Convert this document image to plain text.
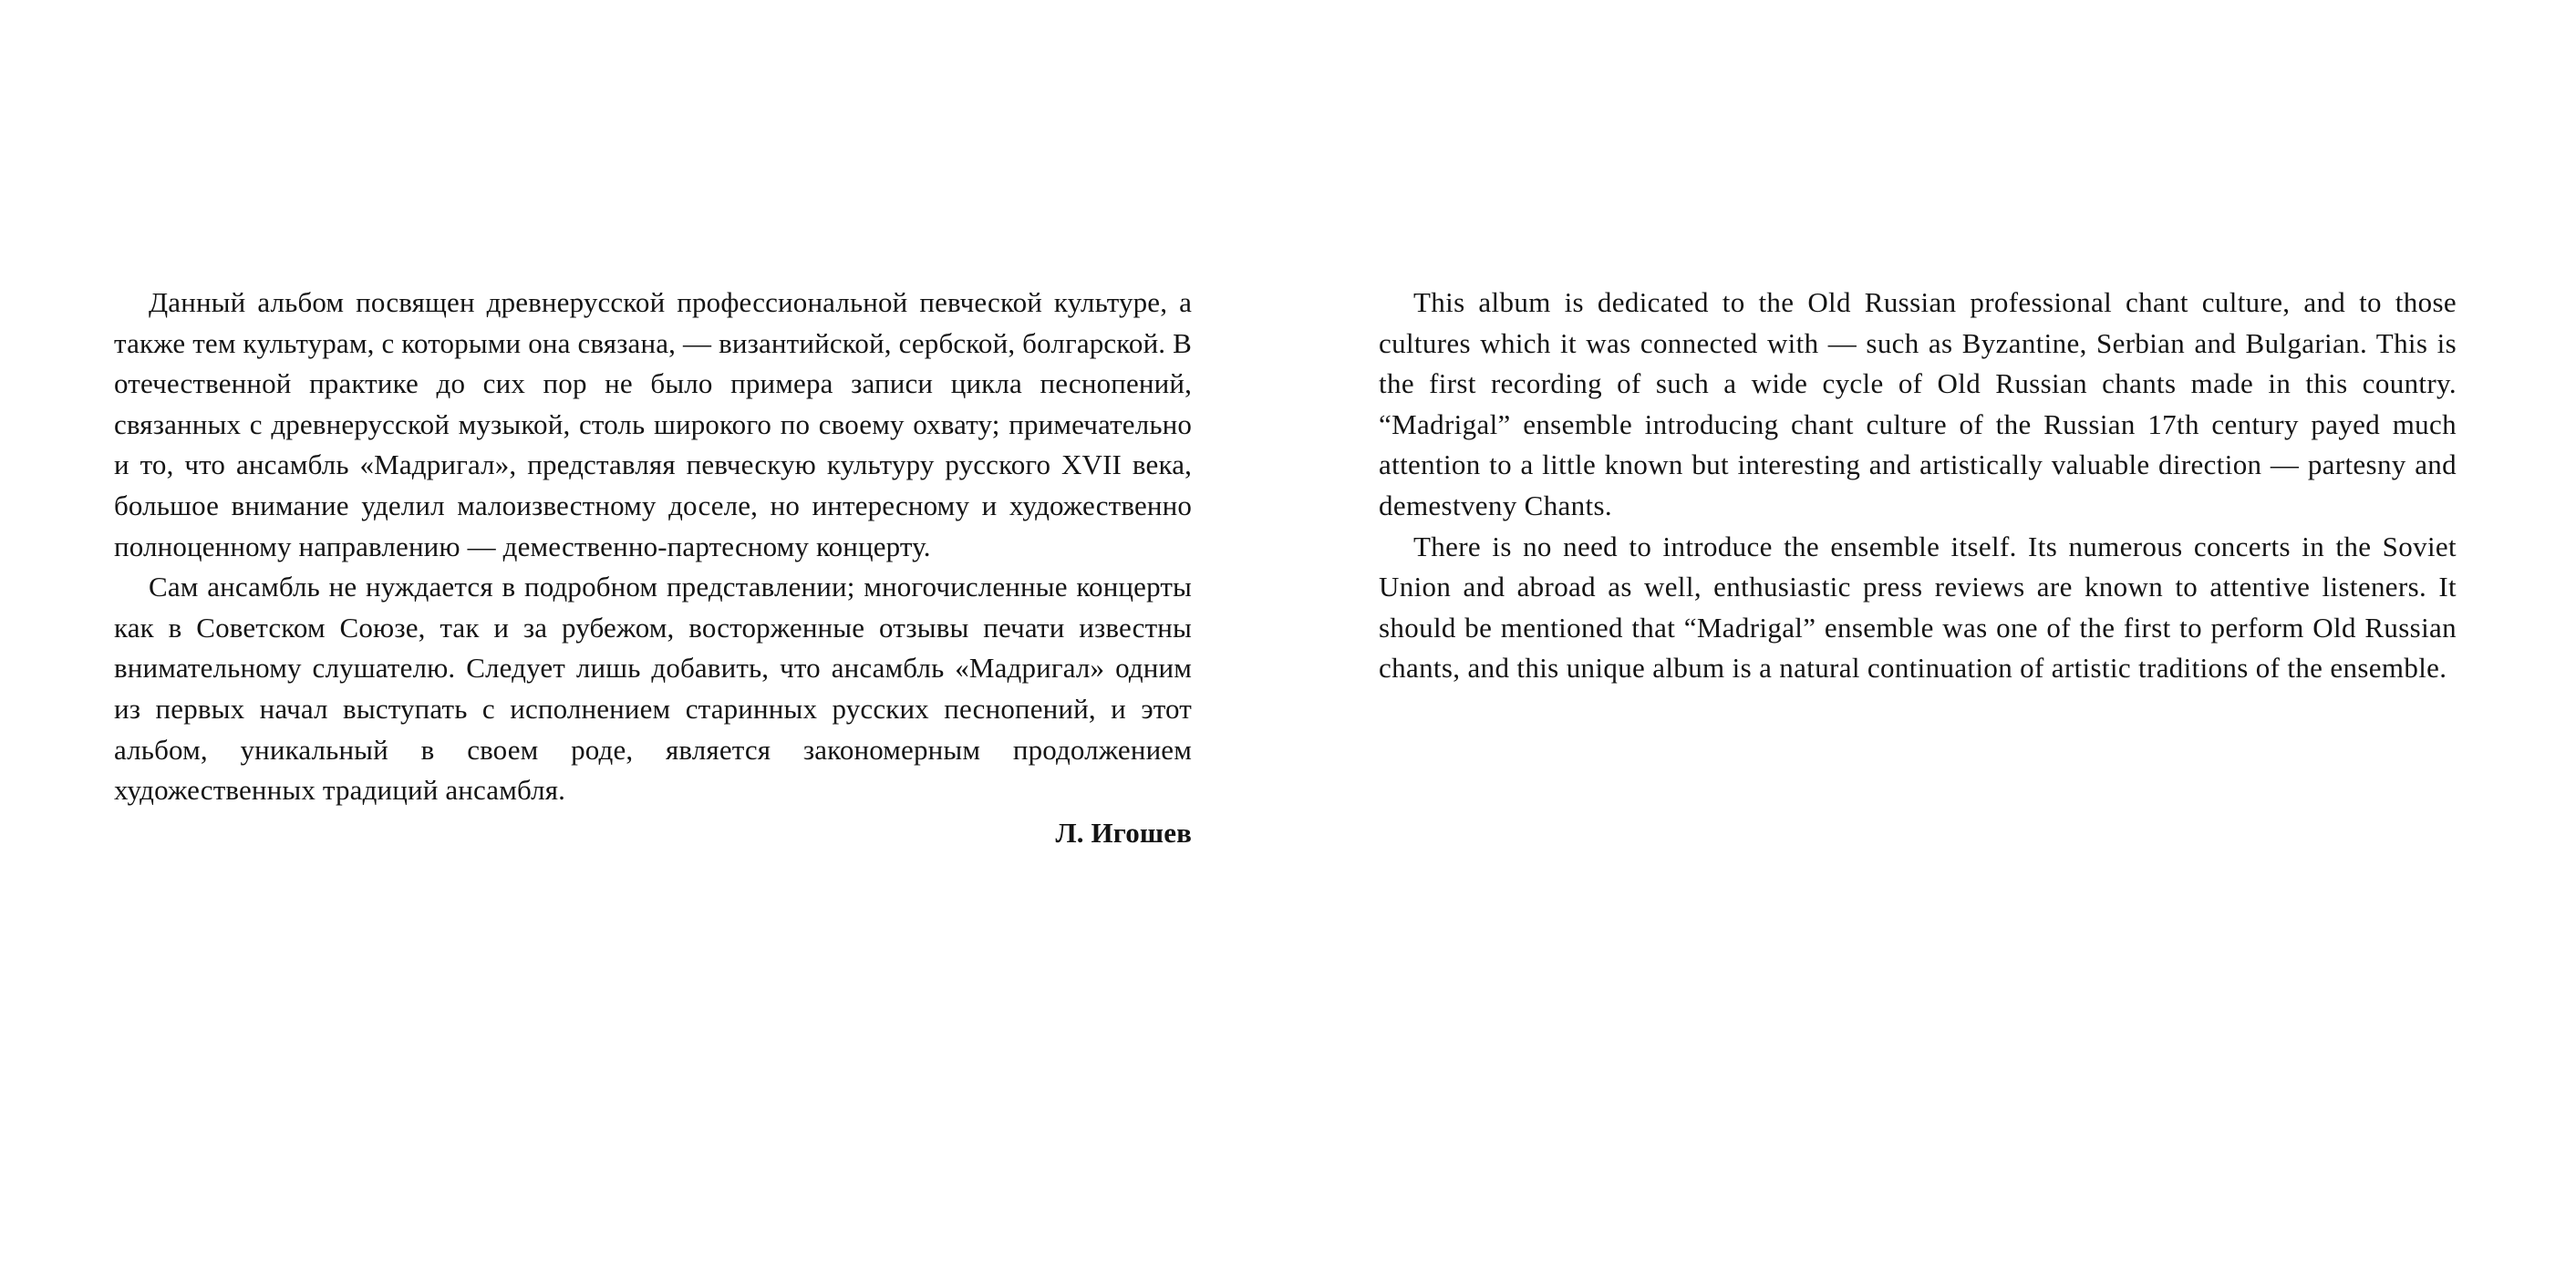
Данный альбом посвящен древнерусской профессиональной певческой культуре, а также тем культурам, с которыми она связана, — византийской, сербской, болгарской. В отечественной практике до сих пор не было примера записи цикла песнопений, связанных с древнерусской музыкой, столь широкого по своему охвату; примечательно и то, что ансамбль «Мадригал», представляя певческую культуру русского XVII века, большое внимание уделил малоизвестному доселе, но интересному и художественно полноценному направлению — демественно-партесному концерту.

Сам ансамбль не нуждается в подробном представлении; многочисленные концерты как в Советском Союзе, так и за рубежом, восторженные отзывы печати известны внимательному слушателю. Следует лишь добавить, что ансамбль «Мадригал» одним из первых начал выступать с исполнением старинных русских песнопений, и этот альбом, уникальный в своем роде, является закономерным продолжением художественных традиций ансамбля.

Л. Игошев

This album is dedicated to the Old Russian professional chant culture, and to those cultures which it was connected with — such as Byzantine, Serbian and Bulgarian. This is the first recording of such a wide cycle of Old Russian chants made in this country. “Madrigal” ensemble introducing chant culture of the Russian 17th century payed much attention to a little known but interesting and artistically valuable direction — partesny and demestveny Chants.

There is no need to introduce the ensemble itself. Its numerous concerts in the Soviet Union and abroad as well, enthusiastic press reviews are known to attentive listeners. It should be mentioned that “Madrigal” ensemble was one of the first to perform Old Russian chants, and this unique album is a natural continuation of artistic traditions of the ensemble.
